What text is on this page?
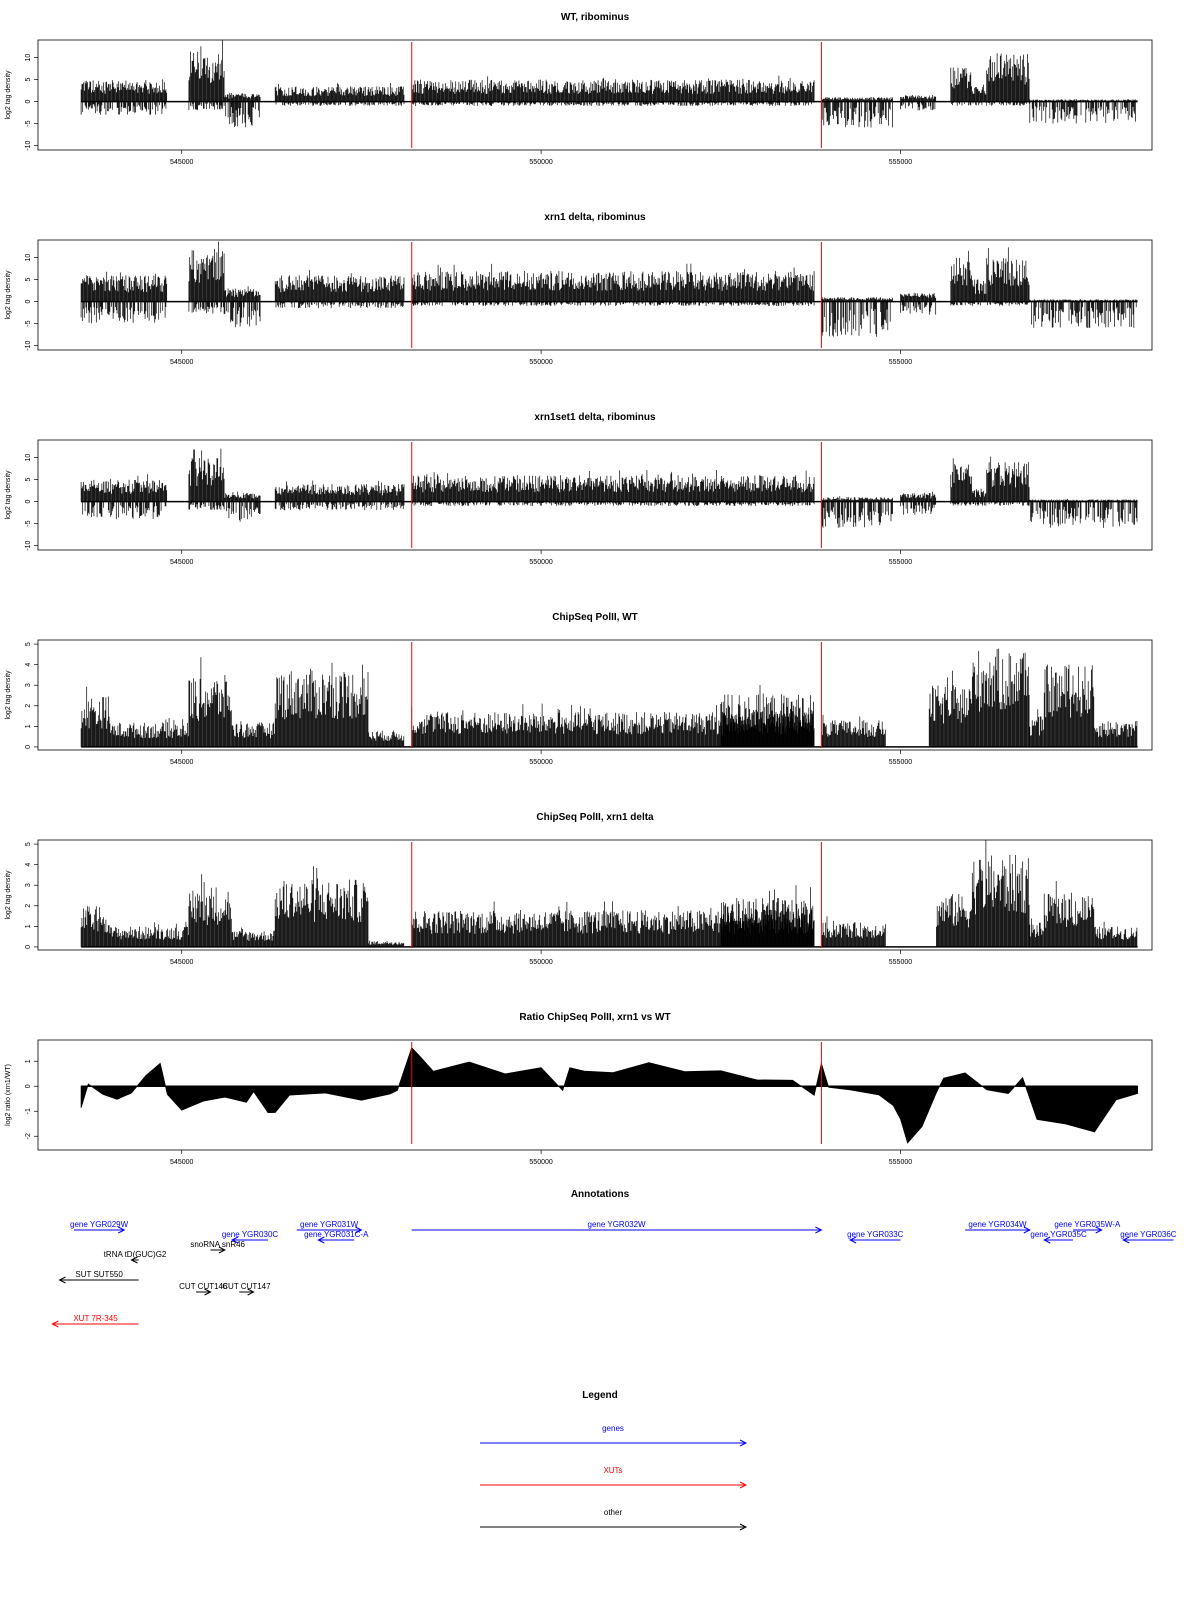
WT, ribominus
-10
-5
0
5
10
log2 tag density
545000	550000	555000
xrn1 delta, ribominus
-10
-5
0
5
10
log2 tag density
545000	550000	555000
xrn1set1 delta, ribominus
-10
-5
0
5
10
log2 tag density
545000	550000	555000
ChipSeq PolII, WT
0
1
2
3
4
5
log2 tag density
545000	550000	555000
ChipSeq PolII, xrn1 delta
0
1
2
3
4
5
log2 tag density
545000	550000	555000
Ratio ChipSeq PolII, xrn1 vs WT
-2
-1
0
1
log2 ratio (xrn1/WT)
545000	550000	555000
Annotations
gene YGR029W
gene YGR030C
gene YGR031W
gene YGR031C-A
gene YGR032W
gene YGR033C
gene YGR034W	gene YGR035W-A
gene YGR035C	gene YGR036C
snoRNA snR46
tRNA tD(GUC)G2
SUT SUT550
CUT CUT146
CUT CUT147
XUT 7R-345
Legend
genes
XUTs
other
